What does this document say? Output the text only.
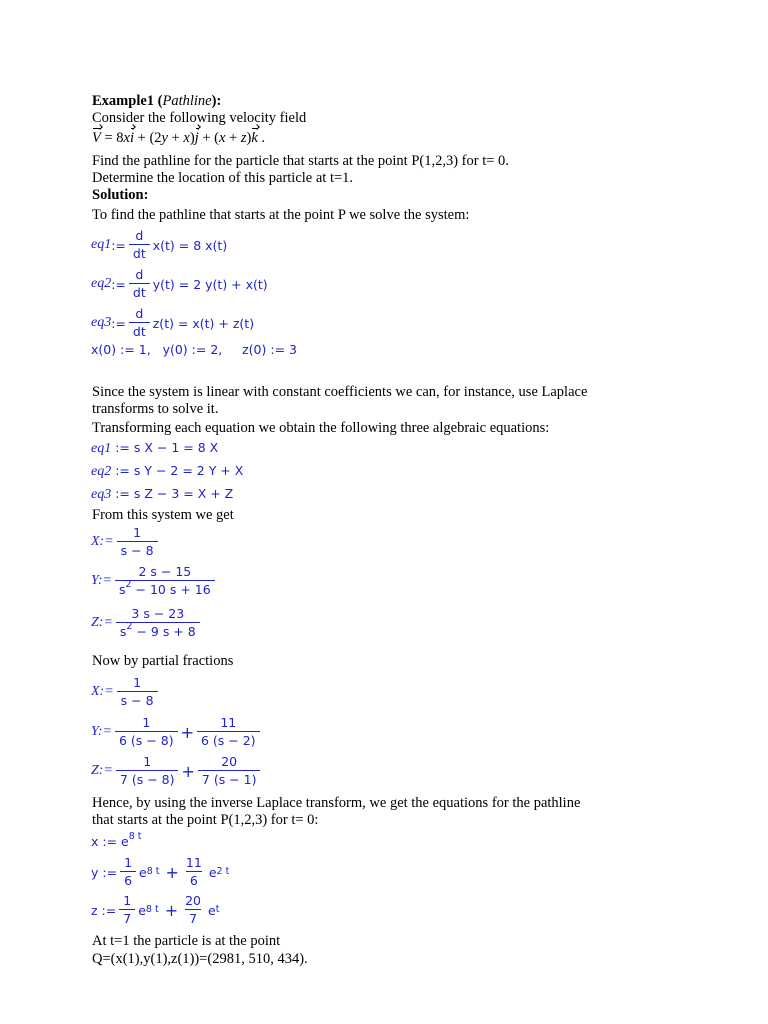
Example1 (Pathline):
Consider the following velocity field
V = 8xi + (2y + x)j + (x + z)k .
Find the pathline for the particle that starts at the point P(1,2,3) for t= 0.
Determine the location of this particle at t=1.
Solution:
To find the pathline that starts at the point P we solve the system:
eq1 := $\frac{d}{dt} x(t) = 8$ x(t)
eq2 := $\frac{d}{dt} y(t) = 2$ y(t) + x(t)
eq3 := $\frac{d}{dt} z(t) = x(t) + z(t)$
x(0) := 1,   y(0) := 2,     z(0) := 3
Since the system is linear with constant coefficients we can, for instance, use Laplace
transforms to solve it.
Transforming each equation we obtain the following three algebraic equations:
eq1 := s X − 1 = 8 X
eq2 := s Y − 2 = 2 Y + X
eq3 := s Z − 3 = X + Z
From this system we get
X:= $\frac{1}{s - 8}$
Y:= $\frac{2 s - 15}{s^2 - 10 s + 16}$
Z:= $\frac{3 s - 23}{s^2 - 9 s + 8}$
Now by partial fractions
X:= $\frac{1}{s - 8}$
Y:= $\frac{1}{6 (s - 8)} + \frac{11}{6 (s - 2)}$
Z:= $\frac{1}{7 (s - 8)} + \frac{20}{7 (s - 1)}$
Hence, by using the inverse Laplace transform, we get the equations for the pathline
that starts at the point P(1,2,3) for t= 0:
x := $e^{8 t}$
y := $\frac{1}{6}$ e 8 $t + \frac{11}{6}$ e 2 t
z := $\frac{1}{7}$ e 8 $t + \frac{20}{7}$ e t
At t=1 the particle is at the point
Q=(x(1),y(1),z(1))=(2981, 510, 434).
